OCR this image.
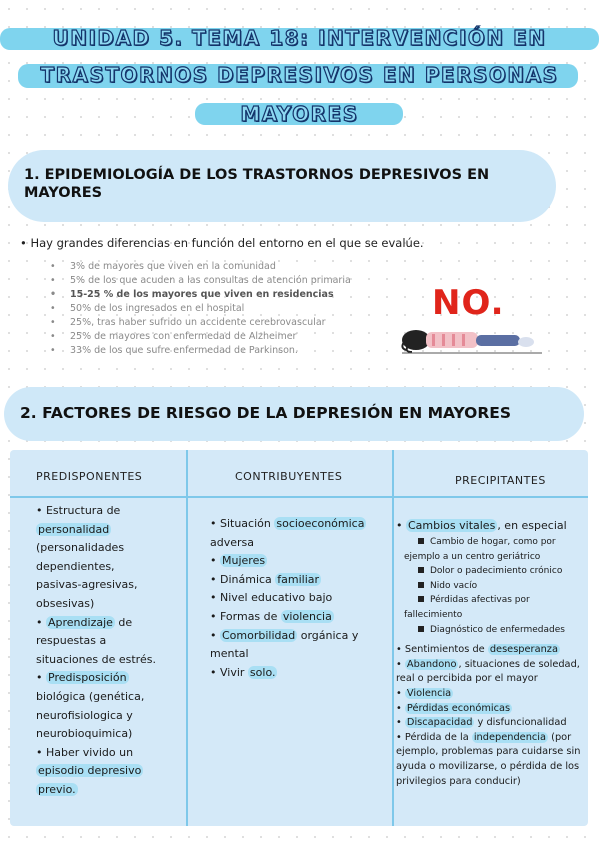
UNIDAD 5. TEMA 18: INTERVENCIÓN EN
TRASTORNOS DEPRESIVOS EN PERSONAS
MAYORES
1. EPIDEMIOLOGÍA DE LOS TRASTORNOS DEPRESIVOS EN
MAYORES
• Hay grandes diferencias en función del entorno en el que se evalúe.
• 3% de mayores que viven en la comunidad
• 5% de los que acuden a las consultas de atención primaria
• 15-25 % de los mayores que viven en residencias
• 50% de los ingresados en el hospital
• 25%, tras haber sufrido un accidente cerebrovascular
• 25% de mayores con enfermedad de Alzheimer
• 33% de los que sufre enfermedad de Parkinson.
NO.
2. FACTORES DE RIESGO DE LA DEPRESIÓN EN MAYORES
PREDISPONENTES	CONTRIBUYENTES	PRECIPITANTES
• Estructura de
personalidad
(personalidades
dependientes,
pasivas-agresivas,
obsesivas)
• Aprendizaje de
respuestas a
situaciones de estrés.
• Predisposición
biológica (genética,
neurofisiologica y
neurobioquimica)
• Haber vivido un
episodio depresivo
previo.
• Situación socioeconómica
adversa
• Mujeres
• Dinámica familiar
• Nivel educativo bajo
• Formas de violencia
• Comorbilidad orgánica y
mental
• Vivir solo.
• Cambios vitales , en especial
Cambio de hogar, como por
ejemplo a un centro geriátrico
Dolor o padecimiento crónico
Nido vacío
Pérdidas afectivas por
fallecimiento
Diagnóstico de enfermedades
• Sentimientos de desesperanza
• Abandono , situaciones de soledad,
real o percibida por el mayor
• Violencia
• Pérdidas económicas
• Discapacidad y disfuncionalidad
• Pérdida de la independencia (por
ejemplo, problemas para cuidarse sin
ayuda o movilizarse, o pérdida de los
privilegios para conducir)
